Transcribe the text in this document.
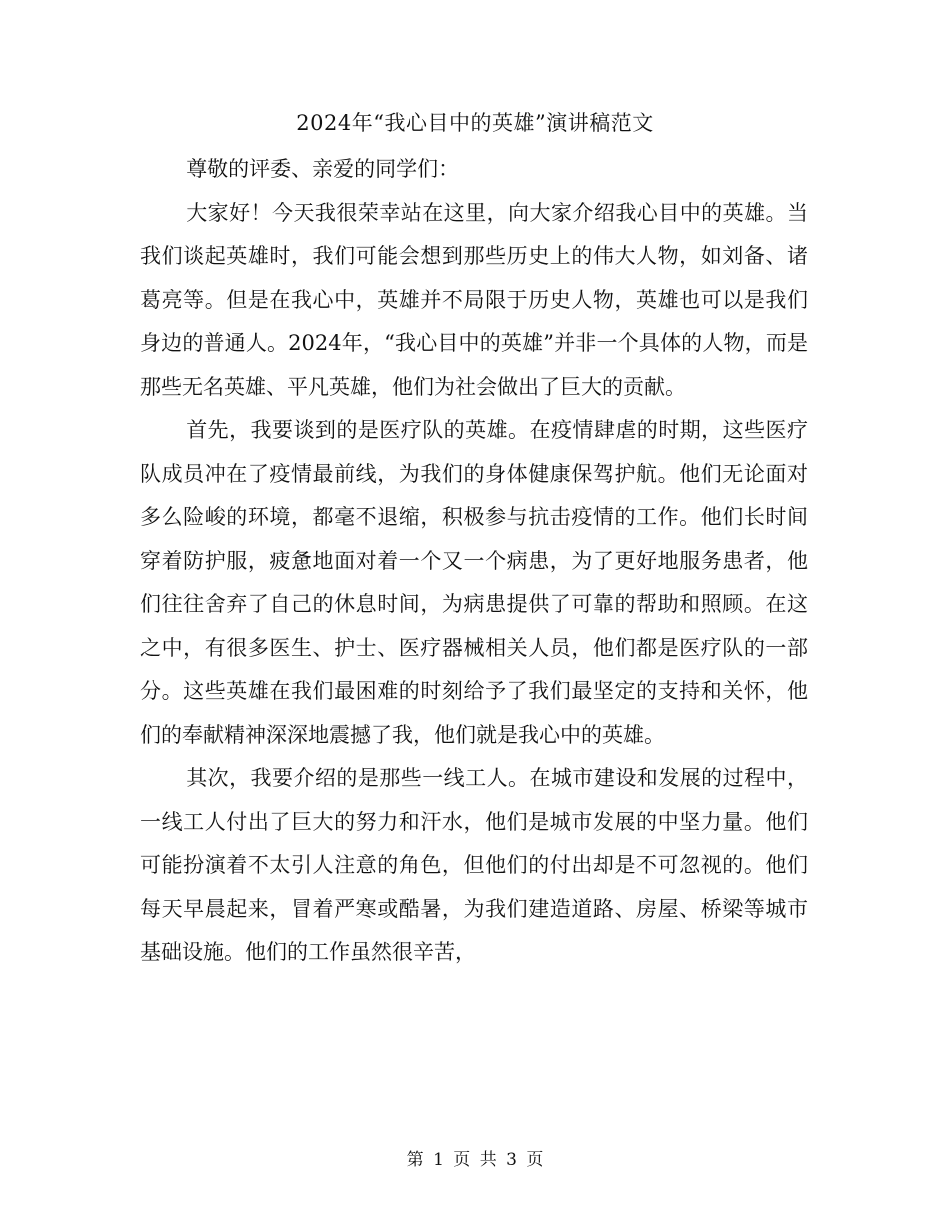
2024年“我心目中的英雄”演讲稿范文

尊敬的评委、亲爱的同学们：

大家好！今天我很荣幸站在这里，向大家介绍我心目中的英雄。当我们谈起英雄时，我们可能会想到那些历史上的伟大人物，如刘备、诸葛亮等。但是在我心中，英雄并不局限于历史人物，英雄也可以是我们身边的普通人。2024年，“我心目中的英雄”并非一个具体的人物，而是那些无名英雄、平凡英雄，他们为社会做出了巨大的贡献。

首先，我要谈到的是医疗队的英雄。在疫情肆虐的时期，这些医疗队成员冲在了疫情最前线，为我们的身体健康保驾护航。他们无论面对多么险峻的环境，都毫不退缩，积极参与抗击疫情的工作。他们长时间穿着防护服，疲惫地面对着一个又一个病患，为了更好地服务患者，他们往往舍弃了自己的休息时间，为病患提供了可靠的帮助和照顾。在这之中，有很多医生、护士、医疗器械相关人员，他们都是医疗队的一部分。这些英雄在我们最困难的时刻给予了我们最坚定的支持和关怀，他们的奉献精神深深地震撼了我，他们就是我心中的英雄。

其次，我要介绍的是那些一线工人。在城市建设和发展的过程中，一线工人付出了巨大的努力和汗水，他们是城市发展的中坚力量。他们可能扮演着不太引人注意的角色，但他们的付出却是不可忽视的。他们每天早晨起来，冒着严寒或酷暑，为我们建造道路、房屋、桥梁等城市基础设施。他们的工作虽然很辛苦，

第 1 页 共 3 页
